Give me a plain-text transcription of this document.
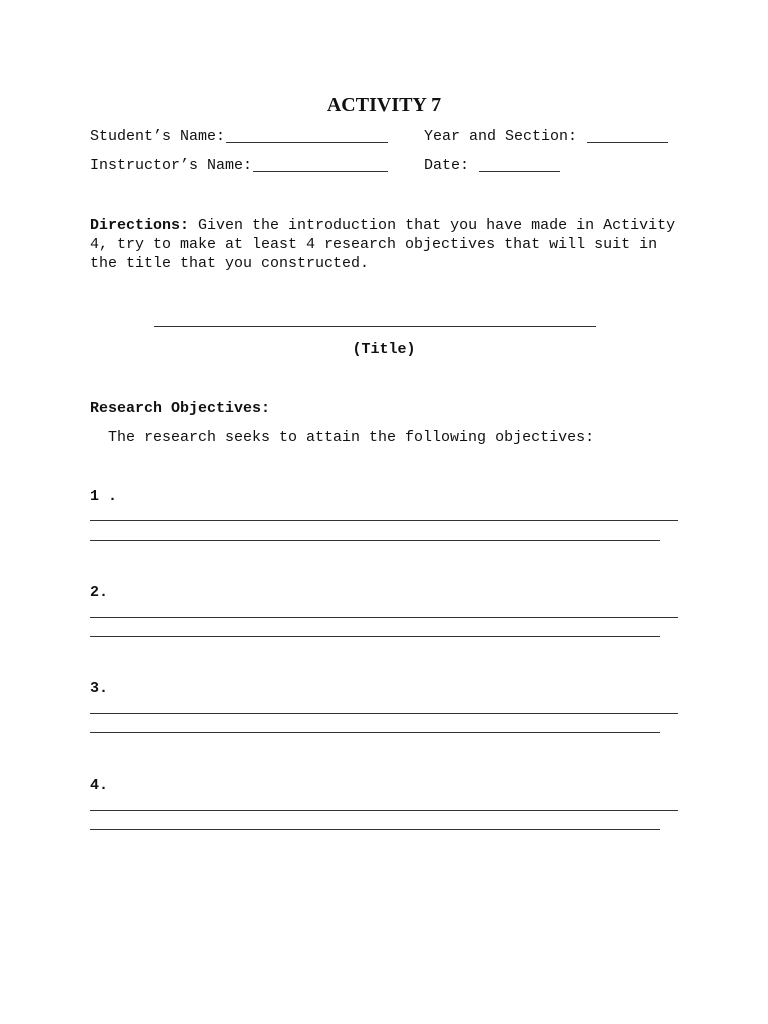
ACTIVITY 7
Student’s Name:	Year and Section:
Instructor’s Name:	Date:
Directions: Given the introduction that you have made in Activity 4, try to make at least 4 research objectives that will suit in the title that you constructed.
(Title)
Research Objectives:
The research seeks to attain the following objectives:
1 .
2.
3.
4.
